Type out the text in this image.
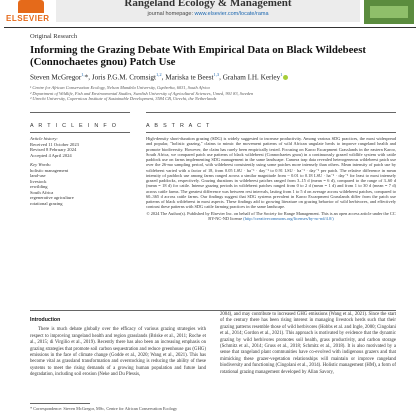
ELSEVIER
Rangeland Ecology & Management
journal homepage: www.elsevier.com/locate/rama
Original Research
Informing the Grazing Debate With Empirical Data on Black Wildebeest (Connochaetes gnou) Patch Use
Steven McGregor$^{1,}$*, Joris P.G.M. Cromsigt$^{1,2}$, Mariska te Beest$^{1,3}$, Graham I.H. Kerley$^1$
¹ Centre for African Conservation Ecology, Nelson Mandela University, Gqeberha, 6031, South Africa
² Department of Wildlife, Fish and Environmental Studies, Swedish University of Agricultural Sciences, Umeå, 901 83, Sweden
³ Utrecht University, Copernicus Institute of Sustainable Development, 3584 CB, Utrecht, the Netherlands
A R T I C L E I N F O	A B S T R A C T
Article history:
Received 11 October 2023
Revised 8 February 2024
Accepted 4 April 2024
Key Words:
holistic management
land-use
livestock
rewilding
South Africa
regenerative agriculture
rotational grazing
High-density short-duration grazing (SDG) is widely suggested to increase productivity. Among various SDG practices, the most widespread and popular, "holistic grazing," claims to mimic the movement patterns of wild African ungulate herds to improve rangeland health and promote biodiversity. However, the claim has rarely been empirically tested. Focusing on Karoo Escarpment Grasslands in the eastern Karoo, South Africa, we compared patch use patterns of black wildebeest (Connochaetes gnou) in a continuously grazed wildlife system with cattle paddock use on farms implementing SDG management in the same landscape. Camera trap data revealed heterogeneous wildebeest patch use over the 26-mo sampling period, with wildebeest consistently using some patches more intensely than others. Mean intensity of patch use by wildebeest varied with a factor of 18, from 0.05 LSU · ha⁻¹ · day⁻¹ to 0.91 LSU · ha⁻¹ · day⁻¹ per patch. The relative difference in mean intensity of paddock use among farms ranged across a similar magnitude from ~ 0.01 to 0.18 LSU · ha⁻¹ · day⁻¹ for least to most intensely grazed paddocks, respectively. Grazing durations in wildebeest patches ranged from 3–15 d (mean = 6 d), compared to the range of 3–60 d (mean = 18 d) for cattle. Intense grazing periods in wildebeest patches ranged from 0 to 2 d (mean = 1 d) and from 1 to 30 d (mean = 7 d) across cattle farms. The greatest difference was between rest intervals, lasting from 1 to 5 d on average across wildebeest patches, compared to 60–365 d across cattle farms. Our findings suggest that SDG systems prevalent in Karoo Escarpment Grasslands differ from the patch use patterns of black wildebeest in most aspects. These findings add to growing literature on grazing behavior of wild herbivores, and effectively contrast these patterns with SDG cattle farming practices in the same landscape.
© 2024 The Author(s). Published by Elsevier Inc. on behalf of The Society for Range Management. This is an open access article under the CC BY-NC-ND license (http://creativecommons.org/licenses/by-nc-nd/4.0/)
Introduction
There is much debate globally over the efficacy of various grazing strategies with respect to improving rangeland health and region grasslands (Briske et al., 2011; Roche et al., 2015; di Virgilio et al., 2019). Recently there has also been an increasing emphasis on grazing strategies that promote soil carbon sequestration and reduce greenhouse gas (GHG) emissions in the face of climate change (Godde et al., 2020; Wang et al., 2021). This has become vital as grassland transformation and overstocking is reducing the ability of these systems to meet the rising demands of a growing human population and future land degradation, including soil erosion (Neke and Du Plessis,
2004), and may contribute to increased GHG emissions (Wang et al., 2021). Since the start of the century there has been rising interest in managing livestock herds such that their grazing patterns resemble those of wild herbivores (Hobbs et al. and Ingle, 2000; Cingolani et al., 2014; Gordon et al., 2021). This approach is motivated by evidence that the dynamic grazing by wild herbivores promotes soil health, grass productivity, and carbon storage (Schmitz et al., 2014; Gruss et al., 2018; Schmitz et al., 2018). It is also motivated by a sense that rangeland plant communities have co-evolved with indigenous grazers and that mimicking these grazer-vegetation relationships will maintain or improve rangeland biodiversity and functioning (Cingolani et al., 2014). Holistic management (HM), a form of rotational grazing management developed by Allan Savory,
* Correspondence: Steven McGregor, MSc, Centre for African Conservation Ecology
